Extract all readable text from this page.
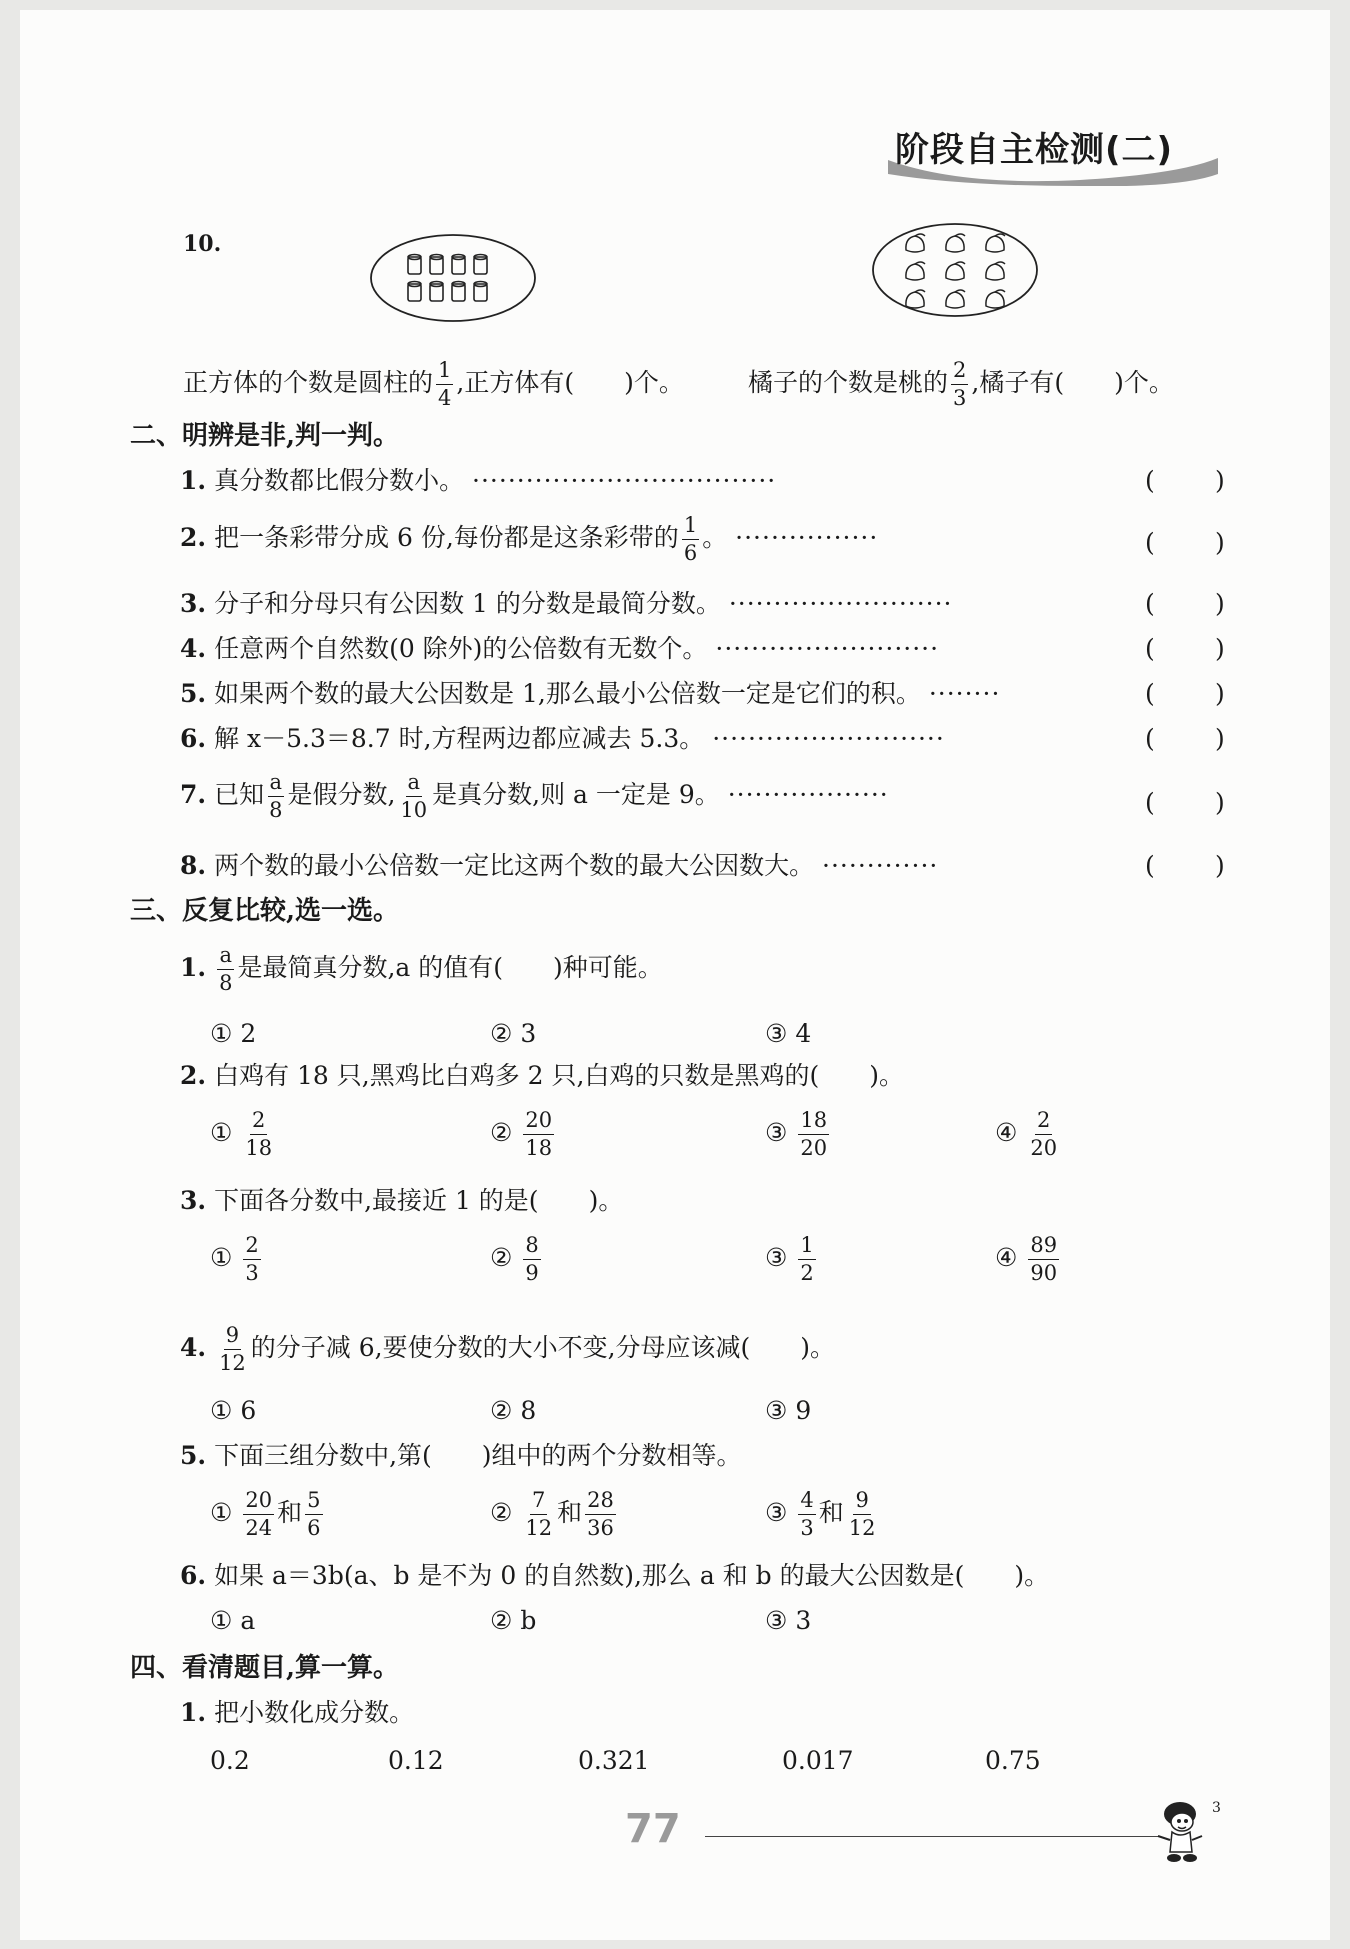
阶段自主检测(二)
10.
正方体的个数是圆柱的 $\frac{1}{4}$ ,正方体有(　　)个。	橘子的个数是桃的 $\frac{2}{3}$ ,橘子有(　　)个。
二、明辨是非,判一判。
1. 真分数都比假分数小。 ··································	( )
2. 把一条彩带分成 6 份,每份都是这条彩带的 $\frac{1}{6}$ 。 ················	( )
3. 分子和分母只有公因数 1 的分数是最简分数。 ·························	( )
4. 任意两个自然数(0 除外)的公倍数有无数个。 ·························	( )
5. 如果两个数的最大公因数是 1,那么最小公倍数一定是它们的积。 ········	( )
6. 解 x－5.3＝8.7 时,方程两边都应减去 5.3。 ··························	( )
7. 已知 $\frac{a}{8}$ 是假分数, $\frac{a}{10}$ 是真分数,则 a 一定是 9。 ··················	( )
8. 两个数的最小公倍数一定比这两个数的最大公因数大。 ·············	( )
三、反复比较,选一选。
1. $\frac{a}{8}$ 是最简真分数,a 的值有(　　)种可能。
① 2	② 3	③ 4
2. 白鸡有 18 只,黑鸡比白鸡多 2 只,白鸡的只数是黑鸡的(　　)。
① $\frac{2}{18}$	② $\frac{20}{18}$	③ $\frac{18}{20}$	④ $\frac{2}{20}$
3. 下面各分数中,最接近 1 的是(　　)。
① $\frac{2}{3}$	② $\frac{8}{9}$	③ $\frac{1}{2}$	④ $\frac{89}{90}$
4. $\frac{9}{12}$ 的分子减 6,要使分数的大小不变,分母应该减(　　)。
① 6	② 8	③ 9
5. 下面三组分数中,第(　　)组中的两个分数相等。
① $\frac{20}{24}$ 和 $\frac{5}{6}$	② $\frac{7}{12}$ 和 $\frac{28}{36}$	③ $\frac{4}{3}$ 和 $\frac{9}{12}$
6. 如果 a＝3b(a、b 是不为 0 的自然数),那么 a 和 b 的最大公因数是(　　)。
① a	② b	③ 3
四、看清题目,算一算。
1. 把小数化成分数。
0.2	0.12	0.321	0.017	0.75
77	3
